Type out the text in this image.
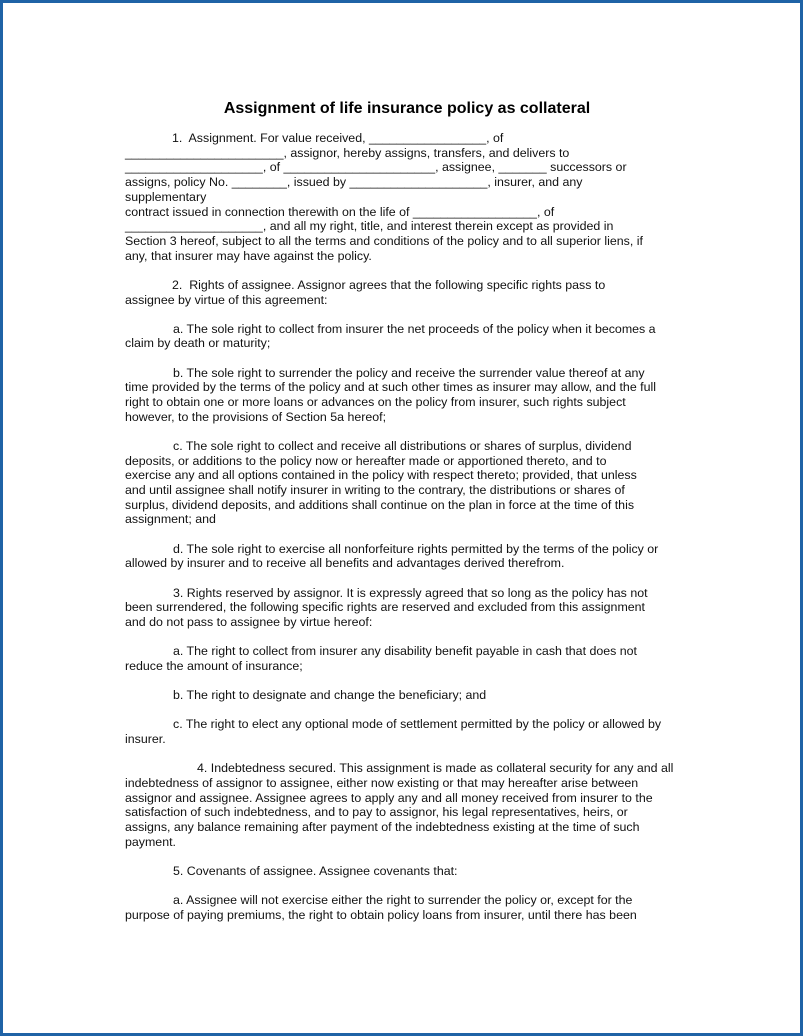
Assignment of life insurance policy as collateral
1.  Assignment. For value received, _________________, of
_______________________, assignor, hereby assigns, transfers, and delivers to
____________________, of ______________________, assignee, _______ successors or
assigns, policy No. ________, issued by ____________________, insurer, and any
supplementary
contract issued in connection therewith on the life of __________________, of
____________________, and all my right, title, and interest therein except as provided in
Section 3 hereof, subject to all the terms and conditions of the policy and to all superior liens, if
any, that insurer may have against the policy.
2.  Rights of assignee. Assignor agrees that the following specific rights pass to
assignee by virtue of this agreement:
a. The sole right to collect from insurer the net proceeds of the policy when it becomes a
claim by death or maturity;
b. The sole right to surrender the policy and receive the surrender value thereof at any
time provided by the terms of the policy and at such other times as insurer may allow, and the full
right to obtain one or more loans or advances on the policy from insurer, such rights subject
however, to the provisions of Section 5a hereof;
c. The sole right to collect and receive all distributions or shares of surplus, dividend
deposits, or additions to the policy now or hereafter made or apportioned thereto, and to
exercise any and all options contained in the policy with respect thereto; provided, that unless
and until assignee shall notify insurer in writing to the contrary, the distributions or shares of
surplus, dividend deposits, and additions shall continue on the plan in force at the time of this
assignment; and
d. The sole right to exercise all nonforfeiture rights permitted by the terms of the policy or
allowed by insurer and to receive all benefits and advantages derived therefrom.
3. Rights reserved by assignor. It is expressly agreed that so long as the policy has not
been surrendered, the following specific rights are reserved and excluded from this assignment
and do not pass to assignee by virtue hereof:
a. The right to collect from insurer any disability benefit payable in cash that does not
reduce the amount of insurance;
b. The right to designate and change the beneficiary; and
c. The right to elect any optional mode of settlement permitted by the policy or allowed by
insurer.
4. Indebtedness secured. This assignment is made as collateral security for any and all
indebtedness of assignor to assignee, either now existing or that may hereafter arise between
assignor and assignee. Assignee agrees to apply any and all money received from insurer to the
satisfaction of such indebtedness, and to pay to assignor, his legal representatives, heirs, or
assigns, any balance remaining after payment of the indebtedness existing at the time of such
payment.
5. Covenants of assignee. Assignee covenants that:
a. Assignee will not exercise either the right to surrender the policy or, except for the
purpose of paying premiums, the right to obtain policy loans from insurer, until there has been
